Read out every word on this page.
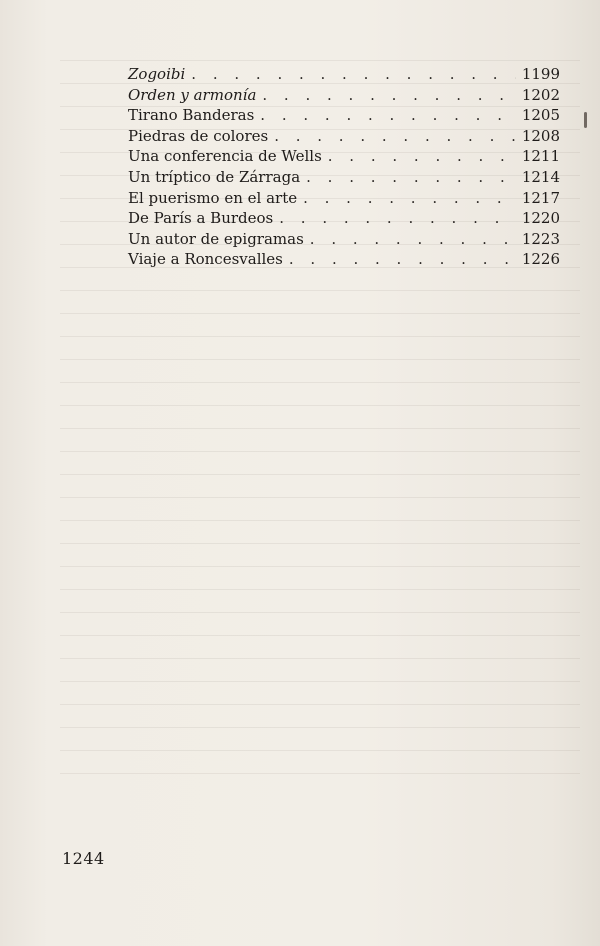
Zogoibi . . .	1199
Orden y armonía . . .	1202
Tirano Banderas . . .	1205
Piedras de colores . . .	1208
Una conferencia de Wells . . .	1211
Un tríptico de Zárraga . . .	1214
El puerismo en el arte . . .	1217
De París a Burdeos . . .	1220
Un autor de epigramas . . .	1223
Viaje a Roncesvalles . . .	1226
1244
